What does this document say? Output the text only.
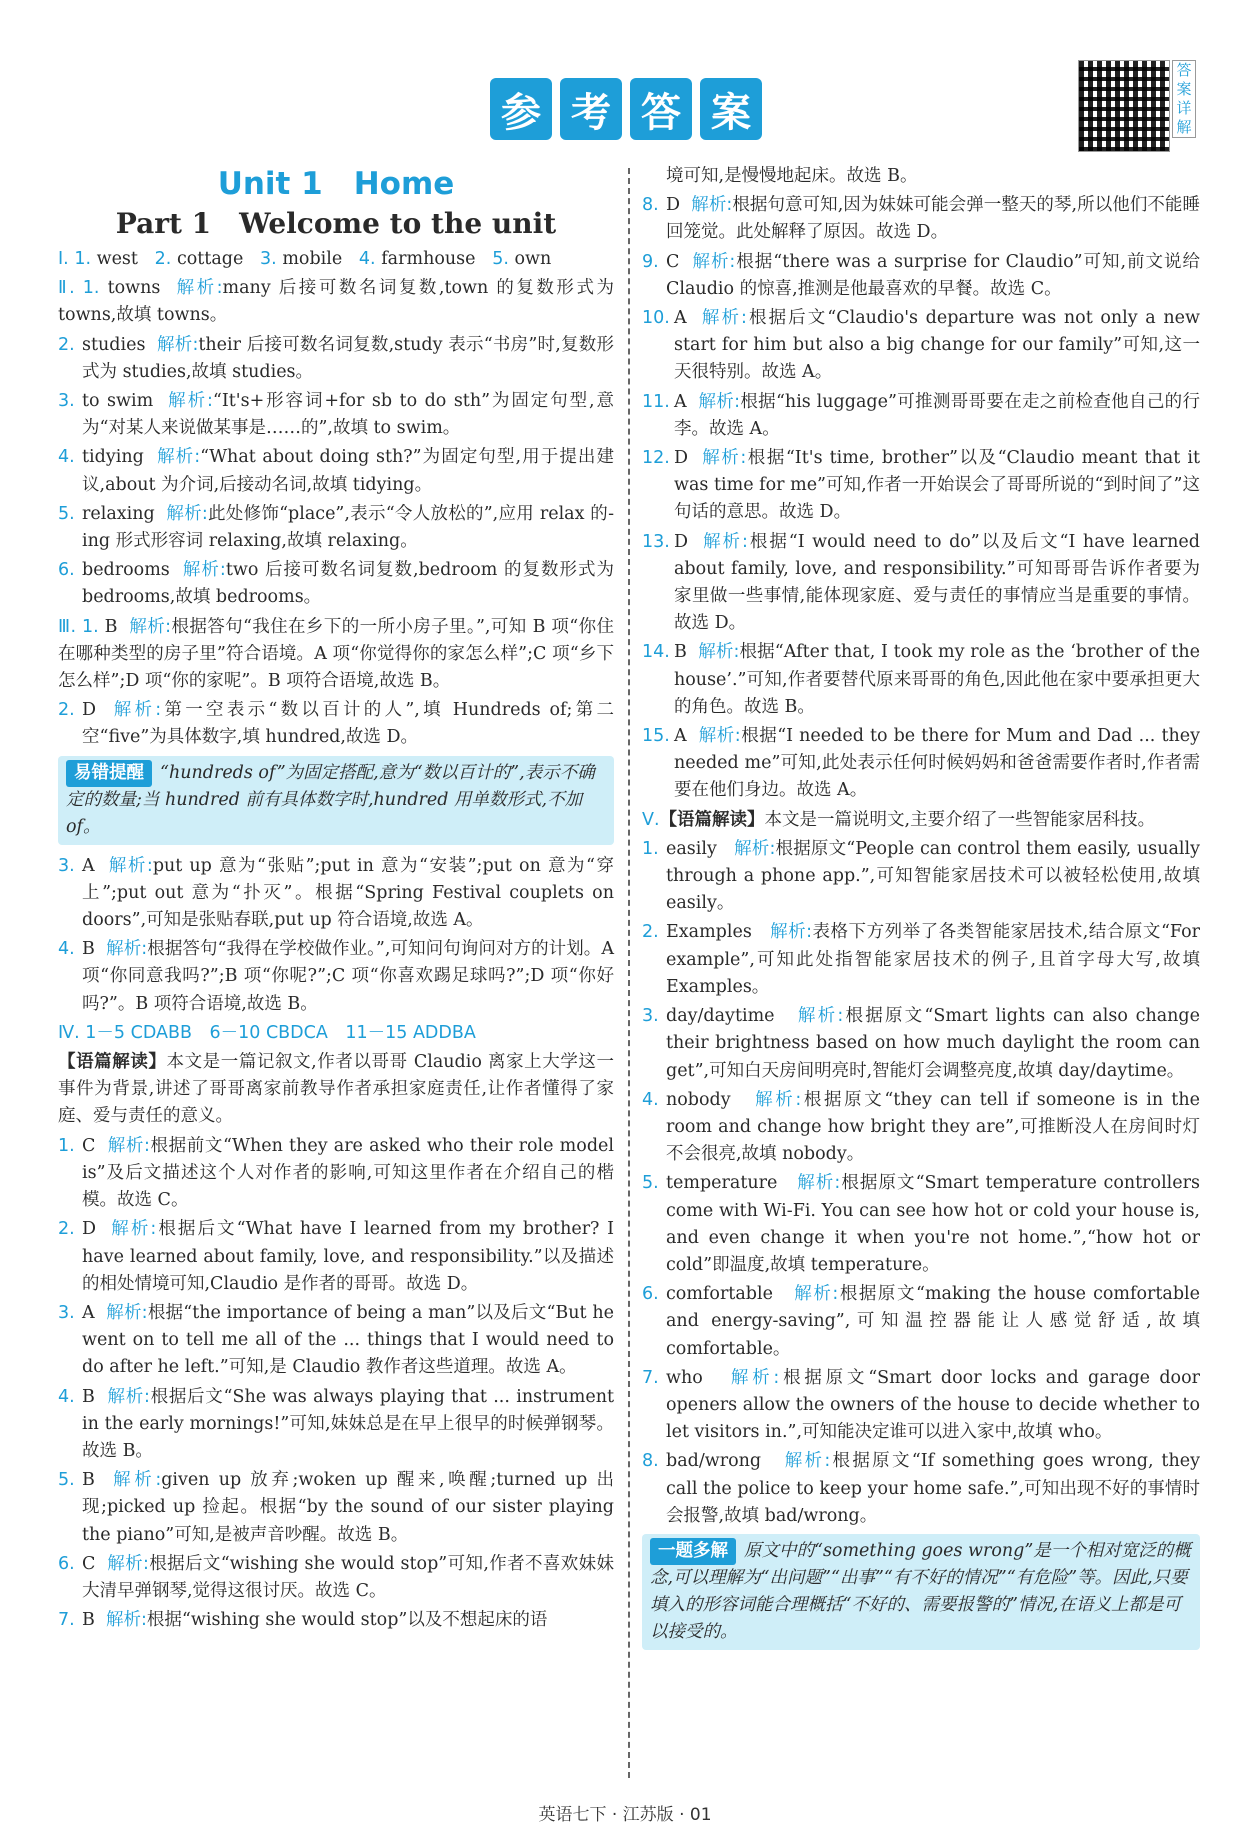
参 考 答 案
答案详解
Unit 1　Home
Part 1　Welcome to the unit
Ⅰ. 1. west 2. cottage 3. mobile 4. farmhouse 5. own
Ⅱ. 1. towns 解析:many 后接可数名词复数,town 的复数形式为 towns,故填 towns。
2. studies 解析:their 后接可数名词复数,study 表示“书房”时,复数形式为 studies,故填 studies。
3. to swim 解析:“It's+形容词+for sb to do sth”为固定句型,意为“对某人来说做某事是……的”,故填 to swim。
4. tidying 解析:“What about doing sth?”为固定句型,用于提出建议,about 为介词,后接动名词,故填 tidying。
5. relaxing 解析:此处修饰“place”,表示“令人放松的”,应用 relax 的-ing 形式形容词 relaxing,故填 relaxing。
6. bedrooms 解析:two 后接可数名词复数,bedroom 的复数形式为 bedrooms,故填 bedrooms。
Ⅲ. 1. B 解析:根据答句“我住在乡下的一所小房子里。”,可知 B 项“你住在哪种类型的房子里”符合语境。A 项“你觉得你的家怎么样”;C 项“乡下怎么样”;D 项“你的家呢”。B 项符合语境,故选 B。
2. D 解析:第一空表示“数以百计的人”,填 Hundreds of;第二空“five”为具体数字,填 hundred,故选 D。
易错提醒 “hundreds of”为固定搭配,意为“数以百计的”,表示不确定的数量;当 hundred 前有具体数字时,hundred 用单数形式,不加 of。
3. A 解析:put up 意为“张贴”;put in 意为“安装”;put on 意为“穿上”;put out 意为“扑灭”。根据“Spring Festival couplets on doors”,可知是张贴春联,put up 符合语境,故选 A。
4. B 解析:根据答句“我得在学校做作业。”,可知问句询问对方的计划。A 项“你同意我吗?”;B 项“你呢?”;C 项“你喜欢踢足球吗?”;D 项“你好吗?”。B 项符合语境,故选 B。
Ⅳ. 1－5 CDABB　6－10 CBDCA　11－15 ADDBA
【语篇解读】本文是一篇记叙文,作者以哥哥 Claudio 离家上大学这一事件为背景,讲述了哥哥离家前教导作者承担家庭责任,让作者懂得了家庭、爱与责任的意义。
1. C 解析:根据前文“When they are asked who their role model is”及后文描述这个人对作者的影响,可知这里作者在介绍自己的楷模。故选 C。
2. D 解析:根据后文“What have I learned from my brother? I have learned about family, love, and responsibility.”以及描述的相处情境可知,Claudio 是作者的哥哥。故选 D。
3. A 解析:根据“the importance of being a man”以及后文“But he went on to tell me all of the ... things that I would need to do after he left.”可知,是 Claudio 教作者这些道理。故选 A。
4. B 解析:根据后文“She was always playing that ... instrument in the early mornings!”可知,妹妹总是在早上很早的时候弹钢琴。故选 B。
5. B 解析:given up 放弃;woken up 醒来,唤醒;turned up 出现;picked up 捡起。根据“by the sound of our sister playing the piano”可知,是被声音吵醒。故选 B。
6. C 解析:根据后文“wishing she would stop”可知,作者不喜欢妹妹大清早弹钢琴,觉得这很讨厌。故选 C。
7. B 解析:根据“wishing she would stop”以及不想起床的语
境可知,是慢慢地起床。故选 B。
8. D 解析:根据句意可知,因为妹妹可能会弹一整天的琴,所以他们不能睡回笼觉。此处解释了原因。故选 D。
9. C 解析:根据“there was a surprise for Claudio”可知,前文说给 Claudio 的惊喜,推测是他最喜欢的早餐。故选 C。
10. A 解析:根据后文“Claudio's departure was not only a new start for him but also a big change for our family”可知,这一天很特别。故选 A。
11. A 解析:根据“his luggage”可推测哥哥要在走之前检查他自己的行李。故选 A。
12. D 解析:根据“It's time, brother”以及“Claudio meant that it was time for me”可知,作者一开始误会了哥哥所说的“到时间了”这句话的意思。故选 D。
13. D 解析:根据“I would need to do”以及后文“I have learned about family, love, and responsibility.”可知哥哥告诉作者要为家里做一些事情,能体现家庭、爱与责任的事情应当是重要的事情。故选 D。
14. B 解析:根据“After that, I took my role as the ‘brother of the house’.”可知,作者要替代原来哥哥的角色,因此他在家中要承担更大的角色。故选 B。
15. A 解析:根据“I needed to be there for Mum and Dad ... they needed me”可知,此处表示任何时候妈妈和爸爸需要作者时,作者需要在他们身边。故选 A。
Ⅴ.【语篇解读】本文是一篇说明文,主要介绍了一些智能家居科技。
1. easily 解析:根据原文“People can control them easily, usually through a phone app.”,可知智能家居技术可以被轻松使用,故填 easily。
2. Examples 解析:表格下方列举了各类智能家居技术,结合原文“For example”,可知此处指智能家居技术的例子,且首字母大写,故填 Examples。
3. day/daytime 解析:根据原文“Smart lights can also change their brightness based on how much daylight the room can get”,可知白天房间明亮时,智能灯会调整亮度,故填 day/daytime。
4. nobody 解析:根据原文“they can tell if someone is in the room and change how bright they are”,可推断没人在房间时灯不会很亮,故填 nobody。
5. temperature 解析:根据原文“Smart temperature controllers come with Wi-Fi. You can see how hot or cold your house is, and even change it when you're not home.”,“how hot or cold”即温度,故填 temperature。
6. comfortable 解析:根据原文“making the house comfortable and energy-saving”,可知温控器能让人感觉舒适,故填 comfortable。
7. who 解析:根据原文“Smart door locks and garage door openers allow the owners of the house to decide whether to let visitors in.”,可知能决定谁可以进入家中,故填 who。
8. bad/wrong 解析:根据原文“If something goes wrong, they call the police to keep your home safe.”,可知出现不好的事情时会报警,故填 bad/wrong。
一题多解 原文中的“something goes wrong”是一个相对宽泛的概念,可以理解为“出问题”“出事”“有不好的情况”“有危险”等。因此,只要填入的形容词能合理概括“不好的、需要报警的”情况,在语义上都是可以接受的。
英语七下 · 江苏版 · 01
